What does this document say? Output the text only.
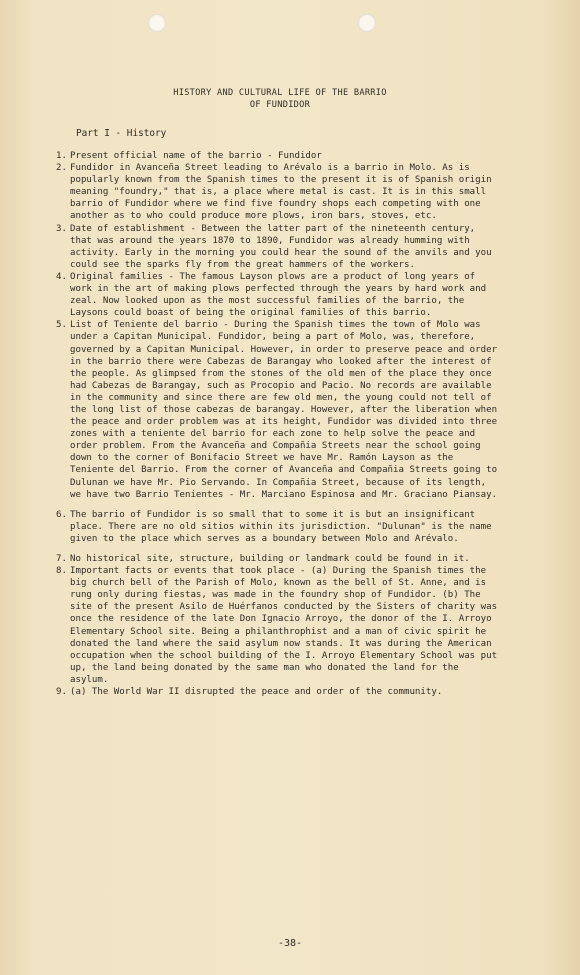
HISTORY AND CULTURAL LIFE OF THE BARRIO
OF FUNDIDOR
Part I - History
1. Present official name of the barrio - Fundidor
2. Fundidor in Avanceña Street leading to Arévalo is a barrio in Molo. As is popularly known from the Spanish times to the present it is of Spanish origin meaning "foundry," that is, a place where metal is cast. It is in this small barrio of Fundidor where we find five foundry shops each competing with one another as to who could produce more plows, iron bars, stoves, etc.
3. Date of establishment - Between the latter part of the nineteenth century, that was around the years 1870 to 1890, Fundidor was already humming with activity. Early in the morning you could hear the sound of the anvils and you could see the sparks fly from the great hammers of the workers.
4. Original families - The famous Layson plows are a product of long years of work in the art of making plows perfected through the years by hard work and zeal. Now looked upon as the most successful families of the barrio, the Laysons could boast of being the original families of this barrio.
5. List of Teniente del barrio - During the Spanish times the town of Molo was under a Capitan Municipal. Fundidor, being a part of Molo, was, therefore, governed by a Capitan Municipal. However, in order to preserve peace and order in the barrio there were Cabezas de Barangay who looked after the interest of the people. As glimpsed from the stones of the old men of the place they once had Cabezas de Barangay, such as Procopio and Pacio. No records are available in the community and since there are few old men, the young could not tell of the long list of those cabezas de barangay. However, after the liberation when the peace and order problem was at its height, Fundidor was divided into three zones with a teniente del barrio for each zone to help solve the peace and order problem. From the Avanceña and Compañia Streets near the school going down to the corner of Bonifacio Street we have Mr. Ramón Layson as the Teniente del Barrio. From the corner of Avanceña and Compañia Streets going to Dulunan we have Mr. Pio Servando. In Compañia Street, because of its length, we have two Barrio Tenientes - Mr. Marciano Espinosa and Mr. Graciano Piansay.
6. The barrio of Fundidor is so small that to some it is but an insignificant place. There are no old sitios within its jurisdiction. "Dulunan" is the name given to the place which serves as a boundary between Molo and Arévalo.
7. No historical site, structure, building or landmark could be found in it.
8. Important facts or events that took place - (a) During the Spanish times the big church bell of the Parish of Molo, known as the bell of St. Anne, and is rung only during fiestas, was made in the foundry shop of Fundidor. (b) The site of the present Asilo de Huérfanos conducted by the Sisters of charity was once the residence of the late Don Ignacio Arroyo, the donor of the I. Arroyo Elementary School site. Being a philanthrophist and a man of civic spirit he donated the land where the said asylum now stands. It was during the American occupation when the school building of the I. Arroyo Elementary School was put up, the land being donated by the same man who donated the land for the asylum.
9. (a) The World War II disrupted the peace and order of the community.
-38-
